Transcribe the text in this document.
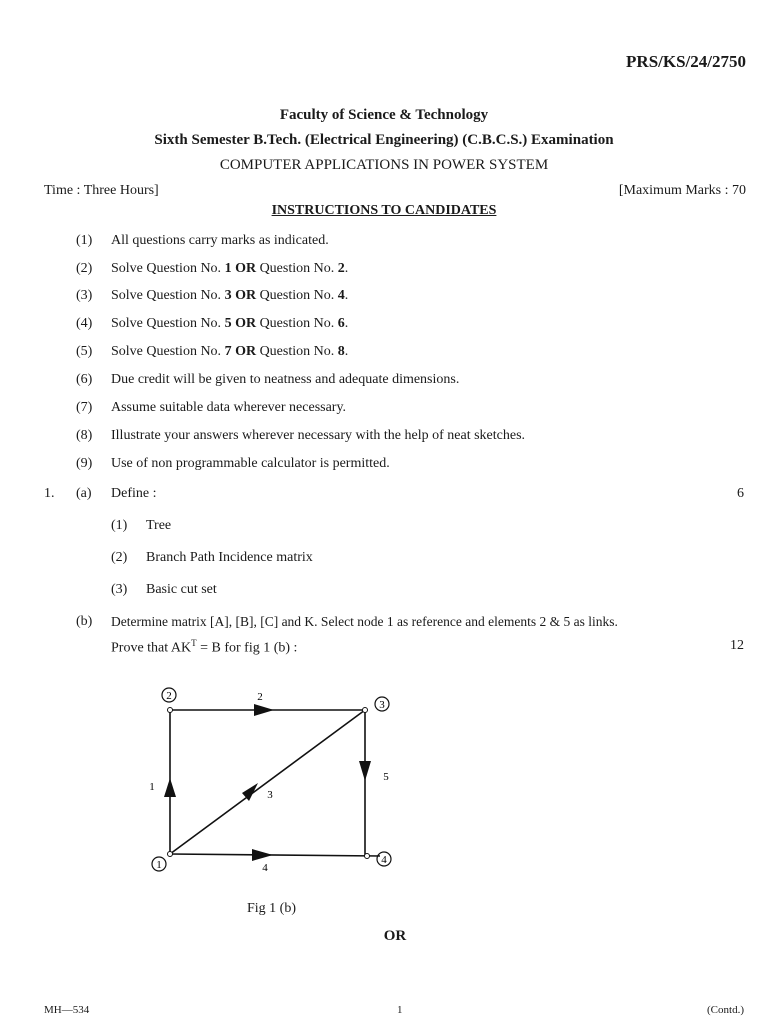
PRS/KS/24/2750
Faculty of Science & Technology
Sixth Semester B.Tech. (Electrical Engineering) (C.B.C.S.) Examination
COMPUTER APPLICATIONS IN POWER SYSTEM
Time : Three Hours]	[Maximum Marks : 70
INSTRUCTIONS TO CANDIDATES
(1) All questions carry marks as indicated.
(2) Solve Question No. 1 OR Question No. 2.
(3) Solve Question No. 3 OR Question No. 4.
(4) Solve Question No. 5 OR Question No. 6.
(5) Solve Question No. 7 OR Question No. 8.
(6) Due credit will be given to neatness and adequate dimensions.
(7) Assume suitable data wherever necessary.
(8) Illustrate your answers wherever necessary with the help of neat sketches.
(9) Use of non programmable calculator is permitted.
1. (a) Define :	6
(1) Tree
(2) Branch Path Incidence matrix
(3) Basic cut set
(b) Determine matrix [A], [B], [C] and K. Select node 1 as reference and elements 2 & 5 as links.
Prove that $AK^T = B$ for fig 1 (b) :	12
2
3
1	4
1
2
3
4
5
Fig 1 (b)
OR
MH—534	1	(Contd.)
